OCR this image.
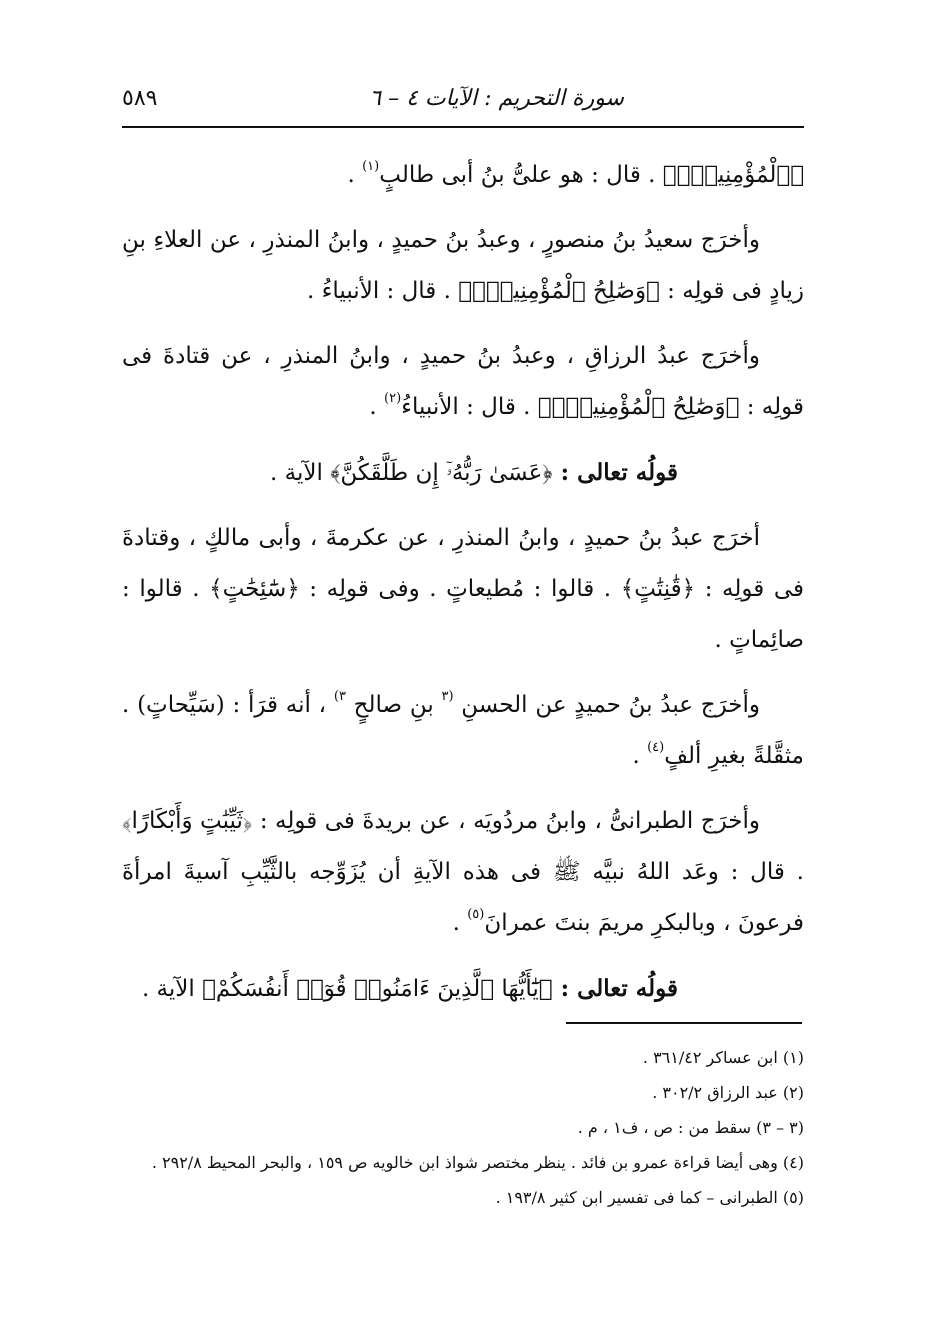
٥٨٩	سورة التحريم : الآيات ٤ – ٦

﴿ٱلْمُؤْمِنِينَۖ﴾ . قال : هو علىُّ بنُ أبى طالبٍ$^{(١)}$ .

وأخرَج سعيدُ بنُ منصورٍ ، وعبدُ بنُ حميدٍ ، وابنُ المنذرِ ، عن العلاءِ بنِ زيادٍ فى قولِه : ﴿وَصَٰلِحُ ٱلْمُؤْمِنِينَۖ﴾ . قال : الأنبياءُ .

وأخرَج عبدُ الرزاقِ ، وعبدُ بنُ حميدٍ ، وابنُ المنذرِ ، عن قتادةَ فى قولِه : ﴿وَصَٰلِحُ ٱلْمُؤْمِنِينَۖ﴾ . قال : الأنبياءُ$^{(٢)}$ .

قولُه تعالى : ﴿عَسَىٰ رَبُّهُۥٓ إِن طَلَّقَكُنَّ﴾ الآية .

أخرَج عبدُ بنُ حميدٍ ، وابنُ المنذرِ ، عن عكرمةَ ، وأبى مالكٍ ، وقتادةَ فى قولِه : ﴿قَٰنِتَٰتٍ﴾ . قالوا : مُطيعاتٍ . وفى قولِه : ﴿سَٰٓئِحَٰتٍ﴾ . قالوا : صائِماتٍ .

وأخرَج عبدُ بنُ حميدٍ عن الحسنِ $^{(٣}$ بنِ صالحٍ $^{٣)}$ ، أنه قرَأ : (سَيِّحاتٍ) . مثقَّلةً بغيرِ ألفٍ$^{(٤)}$ .

وأخرَج الطبرانىُّ ، وابنُ مردُويَه ، عن بريدةَ فى قولِه : ﴿ثَيِّبَٰتٍ وَأَبْكَارًا﴾ . قال : وعَد اللهُ نبيَّه ﷺ فى هذه الآيةِ أن يُزَوِّجه بالثَّيِّبِ آسيةَ امرأةَ فرعونَ ، وبالبكرِ مريمَ بنتَ عمرانَ$^{(٥)}$ .

قولُه تعالى : ﴿يَٰٓأَيُّهَا ٱلَّذِينَ ءَامَنُوا۟ قُوٓا۟ أَنفُسَكُمْ﴾ الآية .

(١) ابن عساكر ٣٦١/٤٢ .

(٢) عبد الرزاق ٣٠٢/٢ .

(٣ – ٣) سقط من : ص ، ف١ ، م .

(٤) وهى أيضا قراءة عمرو بن فائد . ينظر مختصر شواذ ابن خالويه ص ١٥٩ ، والبحر المحيط ٢٩٢/٨ .

(٥) الطبرانى – كما فى تفسير ابن كثير ١٩٣/٨ .
